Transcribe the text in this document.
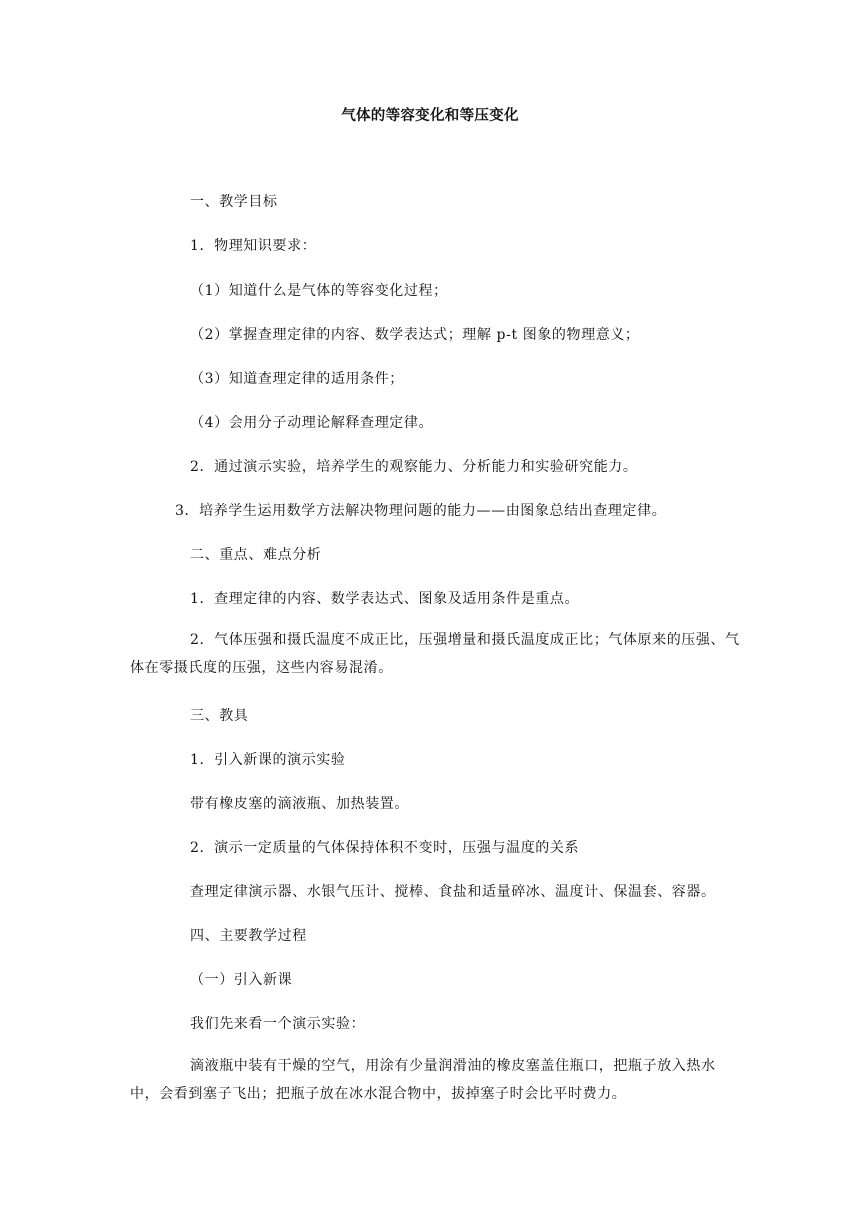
气体的等容变化和等压变化
一、教学目标
1．物理知识要求：
（1）知道什么是气体的等容变化过程；
（2）掌握查理定律的内容、数学表达式；理解 p-t 图象的物理意义；
（3）知道查理定律的适用条件；
（4）会用分子动理论解释查理定律。
2．通过演示实验，培养学生的观察能力、分析能力和实验研究能力。
3．培养学生运用数学方法解决物理问题的能力——由图象总结出查理定律。
二、重点、难点分析
1．查理定律的内容、数学表达式、图象及适用条件是重点。
2．气体压强和摄氏温度不成正比，压强增量和摄氏温度成正比；气体原来的压强、气体在零摄氏度的压强，这些内容易混淆。
三、教具
1．引入新课的演示实验
带有橡皮塞的滴液瓶、加热装置。
2．演示一定质量的气体保持体积不变时，压强与温度的关系
查理定律演示器、水银气压计、搅棒、食盐和适量碎冰、温度计、保温套、容器。
四、主要教学过程
（一）引入新课
我们先来看一个演示实验：
滴液瓶中装有干燥的空气，用涂有少量润滑油的橡皮塞盖住瓶口，把瓶子放入热水中，会看到塞子飞出；把瓶子放在冰水混合物中，拔掉塞子时会比平时费力。
